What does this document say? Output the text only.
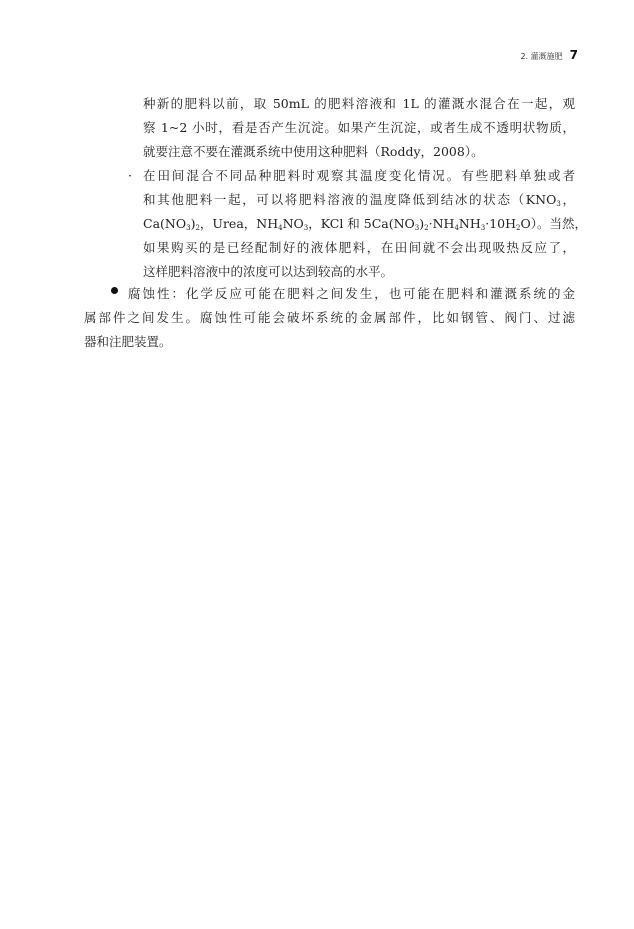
2. 灌溉施肥 7
种新的肥料以前，取 50mL 的肥料溶液和 1L 的灌溉水混合在一起，观
察 1~2 小时，看是否产生沉淀。如果产生沉淀，或者生成不透明状物质，
就要注意不要在灌溉系统中使用这种肥料（Roddy，2008）。
· 在田间混合不同品种肥料时观察其温度变化情况。有些肥料单独或者
和其他肥料一起，可以将肥料溶液的温度降低到结冰的状态（$KNO_3$，
$Ca(NO_3)_2$，Urea，$NH_4NO_3$，KCl 和 $5Ca(NO_3)_2\cdot NH_4NH_3\cdot 10H_2O$）。当然，
如果购买的是已经配制好的液体肥料，在田间就不会出现吸热反应了，
这样肥料溶液中的浓度可以达到较高的水平。
腐蚀性：化学反应可能在肥料之间发生，也可能在肥料和灌溉系统的金
属部件之间发生。腐蚀性可能会破坏系统的金属部件，比如钢管、阀门、过滤
器和注肥装置。
